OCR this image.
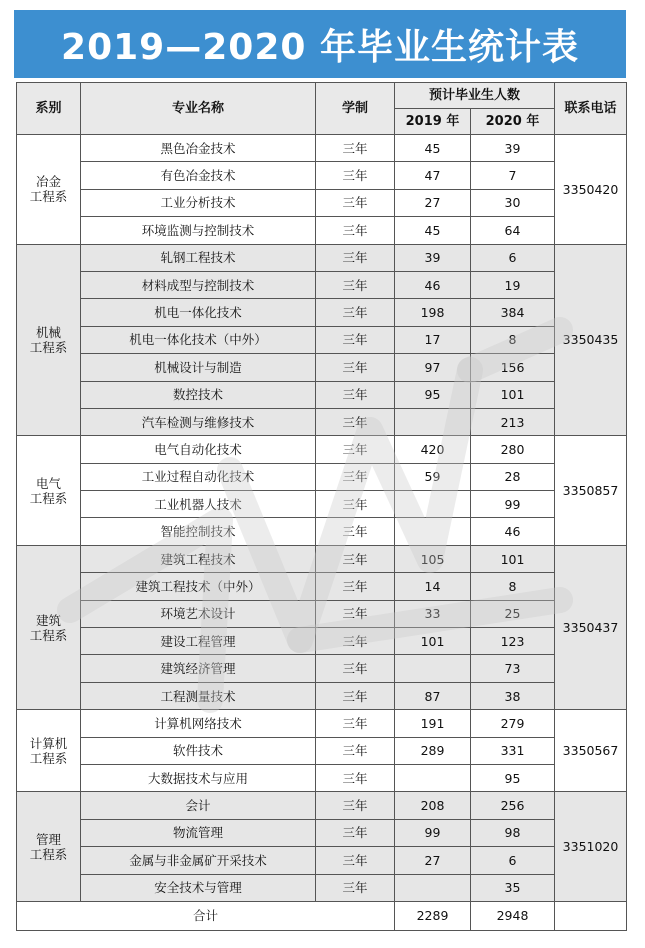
2019—2020 年毕业生统计表
系别	专业名称	学制	预计毕业生人数		联系电话
			2019 年	2020 年	
冶金
工程系	黑色冶金技术	三年	45	39	3350420
	有色冶金技术	三年	47	7	
	工业分析技术	三年	27	30	
	环境监测与控制技术	三年	45	64	
机械
工程系	轧钢工程技术	三年	39	6	3350435
	材料成型与控制技术	三年	46	19	
	机电一体化技术	三年	198	384	
	机电一体化技术（中外）	三年	17	8	
	机械设计与制造	三年	97	156	
	数控技术	三年	95	101	
	汽车检测与维修技术	三年		213	
电气
工程系	电气自动化技术	三年	420	280	3350857
	工业过程自动化技术	三年	59	28	
	工业机器人技术	三年		99	
	智能控制技术	三年		46	
建筑
工程系	建筑工程技术	三年	105	101	3350437
	建筑工程技术（中外）	三年	14	8	
	环境艺术设计	三年	33	25	
	建设工程管理	三年	101	123	
	建筑经济管理	三年		73	
	工程测量技术	三年	87	38	
计算机
工程系	计算机网络技术	三年	191	279	3350567
	软件技术	三年	289	331	
	大数据技术与应用	三年		95	
管理
工程系	会计	三年	208	256	3351020
	物流管理	三年	99	98	
	金属与非金属矿开采技术	三年	27	6	
	安全技术与管理	三年		35	
合计			2289	2948	
